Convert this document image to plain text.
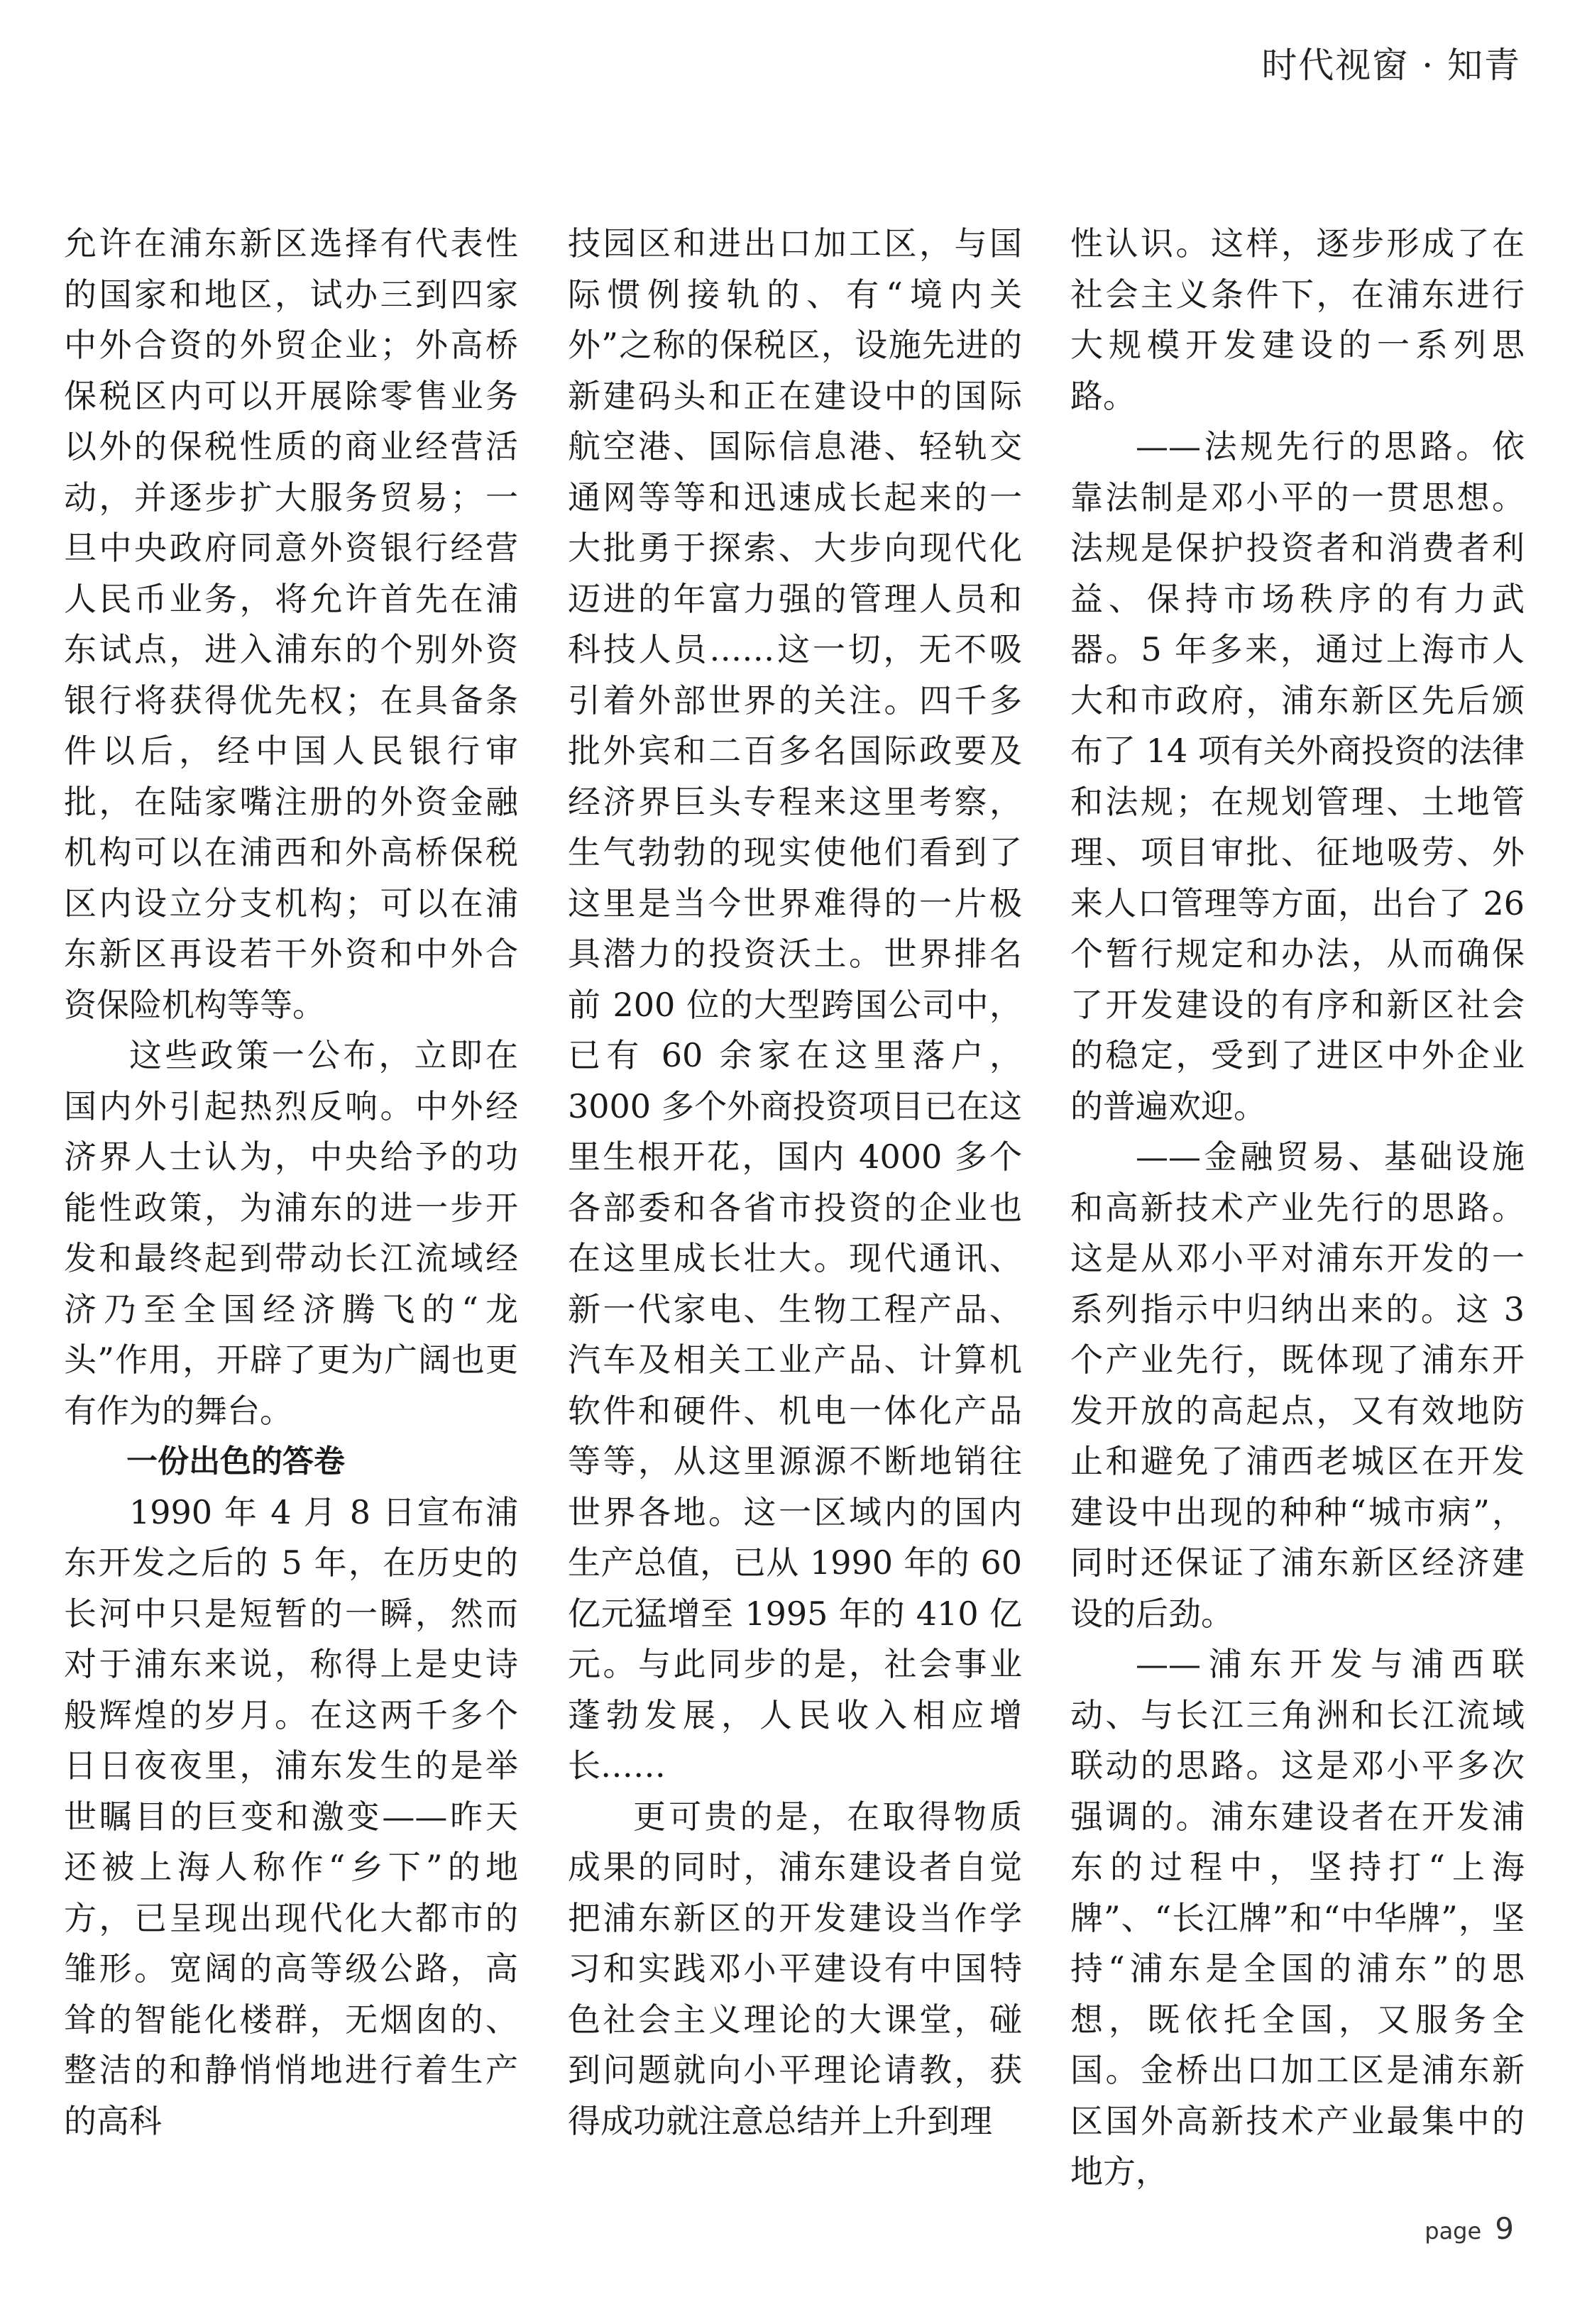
时代视窗 · 知青

允许在浦东新区选择有代表性的国家和地区，试办三到四家中外合资的外贸企业；外高桥保税区内可以开展除零售业务以外的保税性质的商业经营活动，并逐步扩大服务贸易；一旦中央政府同意外资银行经营人民币业务，将允许首先在浦东试点，进入浦东的个别外资银行将获得优先权；在具备条件以后，经中国人民银行审批，在陆家嘴注册的外资金融机构可以在浦西和外高桥保税区内设立分支机构；可以在浦东新区再设若干外资和中外合资保险机构等等。

这些政策一公布，立即在国内外引起热烈反响。中外经济界人士认为，中央给予的功能性政策，为浦东的进一步开发和最终起到带动长江流域经济乃至全国经济腾飞的“龙头”作用，开辟了更为广阔也更有作为的舞台。

一份出色的答卷

1990 年 4 月 8 日宣布浦东开发之后的 5 年，在历史的长河中只是短暂的一瞬，然而对于浦东来说，称得上是史诗般辉煌的岁月。在这两千多个日日夜夜里，浦东发生的是举世瞩目的巨变和激变——昨天还被上海人称作“乡下”的地方，已呈现出现代化大都市的雏形。宽阔的高等级公路，高耸的智能化楼群，无烟囱的、整洁的和静悄悄地进行着生产的高科

技园区和进出口加工区，与国际惯例接轨的、有“境内关外”之称的保税区，设施先进的新建码头和正在建设中的国际航空港、国际信息港、轻轨交通网等等和迅速成长起来的一大批勇于探索、大步向现代化迈进的年富力强的管理人员和科技人员……这一切，无不吸引着外部世界的关注。四千多批外宾和二百多名国际政要及经济界巨头专程来这里考察，生气勃勃的现实使他们看到了这里是当今世界难得的一片极具潜力的投资沃土。世界排名前 200 位的大型跨国公司中，已有 60 余家在这里落户，3000 多个外商投资项目已在这里生根开花，国内 4000 多个各部委和各省市投资的企业也在这里成长壮大。现代通讯、新一代家电、生物工程产品、汽车及相关工业产品、计算机软件和硬件、机电一体化产品等等，从这里源源不断地销往世界各地。这一区域内的国内生产总值，已从 1990 年的 60 亿元猛增至 1995 年的 410 亿元。与此同步的是，社会事业蓬勃发展，人民收入相应增长……

更可贵的是，在取得物质成果的同时，浦东建设者自觉把浦东新区的开发建设当作学习和实践邓小平建设有中国特色社会主义理论的大课堂，碰到问题就向小平理论请教，获得成功就注意总结并上升到理

性认识。这样，逐步形成了在社会主义条件下，在浦东进行大规模开发建设的一系列思路。

——法规先行的思路。依靠法制是邓小平的一贯思想。法规是保护投资者和消费者利益、保持市场秩序的有力武器。5 年多来，通过上海市人大和市政府，浦东新区先后颁布了 14 项有关外商投资的法律和法规；在规划管理、土地管理、项目审批、征地吸劳、外来人口管理等方面，出台了 26 个暂行规定和办法，从而确保了开发建设的有序和新区社会的稳定，受到了进区中外企业的普遍欢迎。

——金融贸易、基础设施和高新技术产业先行的思路。这是从邓小平对浦东开发的一系列指示中归纳出来的。这 3 个产业先行，既体现了浦东开发开放的高起点，又有效地防止和避免了浦西老城区在开发建设中出现的种种“城市病”，同时还保证了浦东新区经济建设的后劲。

——浦东开发与浦西联动、与长江三角洲和长江流域联动的思路。这是邓小平多次强调的。浦东建设者在开发浦东的过程中，坚持打“上海牌”、“长江牌”和“中华牌”，坚持“浦东是全国的浦东”的思想，既依托全国，又服务全国。金桥出口加工区是浦东新区国外高新技术产业最集中的地方，

page 9
